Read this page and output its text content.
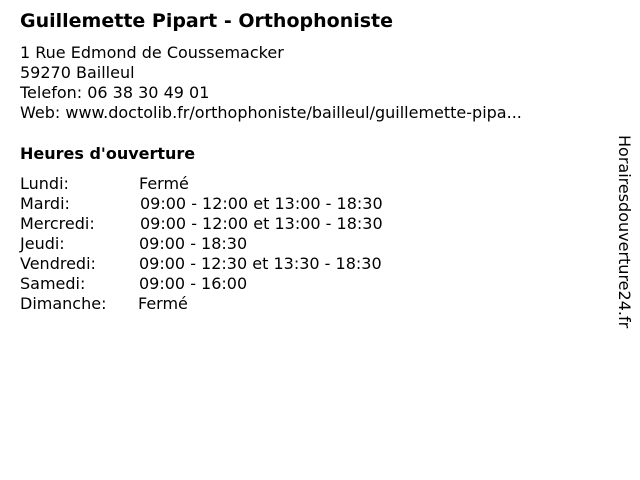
Guillemette Pipart - Orthophoniste
1 Rue Edmond de Coussemacker
59270 Bailleul
Telefon: 06 38 30 49 01
Web: www.doctolib.fr/orthophoniste/bailleul/guillemette-pipa...
Heures d'ouverture
Lundi:	Fermé
Mardi:	09:00 - 12:00 et 13:00 - 18:30
Mercredi:	09:00 - 12:00 et 13:00 - 18:30
Jeudi:	09:00 - 18:30
Vendredi:	09:00 - 12:30 et 13:30 - 18:30
Samedi:	09:00 - 16:00
Dimanche: Fermé	Horairesdouverture24.fr
